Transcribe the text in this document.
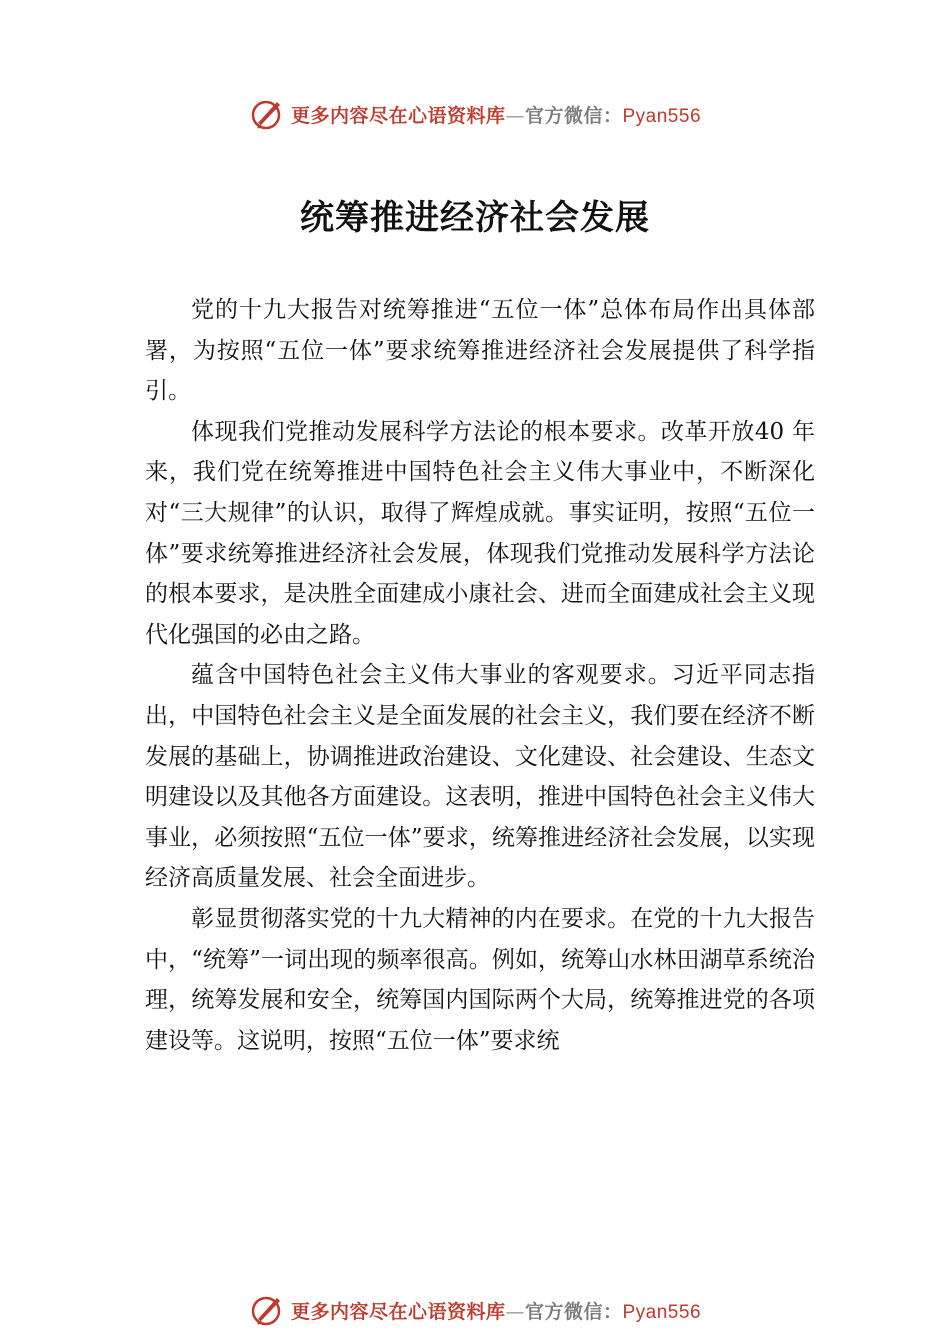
更多内容尽在心语资料库—官方微信：Pyan556
统筹推进经济社会发展

党的十九大报告对统筹推进“五位一体”总体布局作出具体部署，为按照“五位一体”要求统筹推进经济社会发展提供了科学指引。

体现我们党推动发展科学方法论的根本要求。改革开放40 年来，我们党在统筹推进中国特色社会主义伟大事业中，不断深化对“三大规律”的认识，取得了辉煌成就。事实证明，按照“五位一体”要求统筹推进经济社会发展，体现我们党推动发展科学方法论的根本要求，是决胜全面建成小康社会、进而全面建成社会主义现代化强国的必由之路。

蕴含中国特色社会主义伟大事业的客观要求。习近平同志指出，中国特色社会主义是全面发展的社会主义，我们要在经济不断发展的基础上，协调推进政治建设、文化建设、社会建设、生态文明建设以及其他各方面建设。这表明，推进中国特色社会主义伟大事业，必须按照“五位一体”要求，统筹推进经济社会发展，以实现经济高质量发展、社会全面进步。

彰显贯彻落实党的十九大精神的内在要求。在党的十九大报告中，“统筹”一词出现的频率很高。例如，统筹山水林田湖草系统治理，统筹发展和安全，统筹国内国际两个大局，统筹推进党的各项建设等。这说明，按照“五位一体”要求统

更多内容尽在心语资料库—官方微信：Pyan556
